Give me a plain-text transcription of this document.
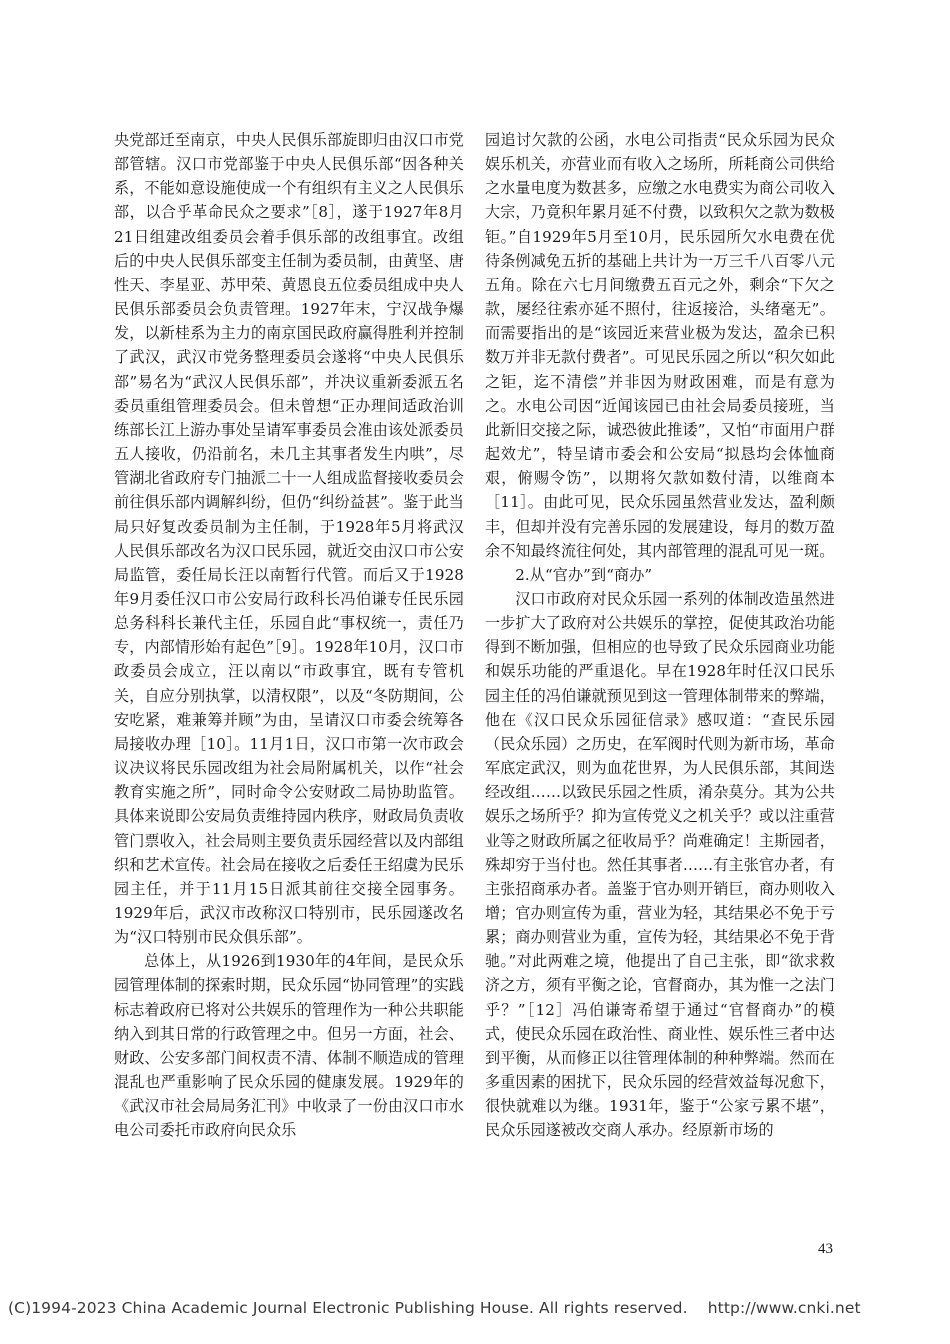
央党部迁至南京，中央人民俱乐部旋即归由汉口市党部管辖。汉口市党部鉴于中央人民俱乐部“因各种关系，不能如意设施使成一个有组织有主义之人民俱乐部，以合乎革命民众之要求”［8］，遂于1927年8月21日组建改组委员会着手俱乐部的改组事宜。改组后的中央人民俱乐部变主任制为委员制，由黄坚、唐性天、李星亚、苏甲荣、黄恩良五位委员组成中央人民俱乐部委员会负责管理。1927年末，宁汉战争爆发，以新桂系为主力的南京国民政府赢得胜利并控制了武汉，武汉市党务整理委员会遂将“中央人民俱乐部”易名为“武汉人民俱乐部”，并决议重新委派五名委员重组管理委员会。但未曾想“正办理间适政治训练部长江上游办事处呈请军事委员会准由该处派委员五人接收，仍沿前名，未几主其事者发生内哄”，尽管湖北省政府专门抽派二十一人组成监督接收委员会前往俱乐部内调解纠纷，但仍“纠纷益甚”。鉴于此当局只好复改委员制为主任制，于1928年5月将武汉人民俱乐部改名为汉口民乐园，就近交由汉口市公安局监管，委任局长汪以南暂行代管。而后又于1928年9月委任汉口市公安局行政科长冯伯谦专任民乐园总务科科长兼代主任，乐园自此“事权统一，责任乃专，内部情形始有起色”［9］。1928年10月，汉口市政委员会成立，汪以南以“市政事宜，既有专管机关，自应分别执掌，以清权限”，以及“冬防期间，公安吃紧，难兼筹并顾”为由，呈请汉口市委会统筹各局接收办理［10］。11月1日，汉口市第一次市政会议决议将民乐园改组为社会局附属机关，以作“社会教育实施之所”，同时命令公安财政二局协助监管。具体来说即公安局负责维持园内秩序，财政局负责收管门票收入，社会局则主要负责乐园经营以及内部组织和艺术宣传。社会局在接收之后委任王绍虞为民乐园主任，并于11月15日派其前往交接全园事务。1929年后，武汉市改称汉口特别市，民乐园遂改名为“汉口特别市民众俱乐部”。

总体上，从1926到1930年的4年间，是民众乐园管理体制的探索时期，民众乐园“协同管理”的实践标志着政府已将对公共娱乐的管理作为一种公共职能纳入到其日常的行政管理之中。但另一方面，社会、财政、公安多部门间权责不清、体制不顺造成的管理混乱也严重影响了民众乐园的健康发展。1929年的《武汉市社会局局务汇刊》中收录了一份由汉口市水电公司委托市政府向民众乐

园追讨欠款的公函，水电公司指责“民众乐园为民众娱乐机关，亦营业而有收入之场所，所耗商公司供给之水量电度为数甚多，应缴之水电费实为商公司收入大宗，乃竟积年累月延不付费，以致积欠之款为数极钜。”自1929年5月至10月，民乐园所欠水电费在优待条例减免五折的基础上共计为一万三千八百零八元五角。除在六七月间缴费五百元之外，剩余“下欠之款，屡经往索亦延不照付，往返接洽，头绪毫无”。而需要指出的是“该园近来营业极为发达，盈余已积数万并非无款付费者”。可见民乐园之所以“积欠如此之钜，迄不清偿”并非因为财政困难，而是有意为之。水电公司因“近闻该园已由社会局委员接班，当此新旧交接之际，诚恐彼此推诿”，又怕“市面用户群起效尤”，特呈请市委会和公安局“拟恳均会体恤商艰，俯赐令饬”，以期将欠款如数付清，以维商本［11］。由此可见，民众乐园虽然营业发达，盈利颇丰，但却并没有完善乐园的发展建设，每月的数万盈余不知最终流往何处，其内部管理的混乱可见一斑。

2.从“官办”到“商办”

汉口市政府对民众乐园一系列的体制改造虽然进一步扩大了政府对公共娱乐的掌控，促使其政治功能得到不断加强，但相应的也导致了民众乐园商业功能和娱乐功能的严重退化。早在1928年时任汉口民乐园主任的冯伯谦就预见到这一管理体制带来的弊端，他在《汉口民众乐园征信录》感叹道：“查民乐园（民众乐园）之历史，在军阀时代则为新市场，革命军底定武汉，则为血花世界，为人民俱乐部，其间迭经改组……以致民乐园之性质，淆杂莫分。其为公共娱乐之场所乎？抑为宣传党义之机关乎？或以注重营业等之财政所属之征收局乎？尚难确定！主斯园者，殊却穷于当付也。然任其事者……有主张官办者，有主张招商承办者。盖鉴于官办则开销巨，商办则收入增；官办则宣传为重，营业为轻，其结果必不免于亏累；商办则营业为重，宣传为轻，其结果必不免于背驰。”对此两难之境，他提出了自己主张，即“欲求救济之方，须有平衡之论，官督商办，其为惟一之法门乎？”［12］冯伯谦寄希望于通过“官督商办”的模式，使民众乐园在政治性、商业性、娱乐性三者中达到平衡，从而修正以往管理体制的种种弊端。然而在多重因素的困扰下，民众乐园的经营效益每况愈下，很快就难以为继。1931年，鉴于“公家亏累不堪”，民众乐园遂被改交商人承办。经原新市场的

43
(C)1994-2023 China Academic Journal Electronic Publishing House. All rights reserved.    http://www.cnki.net
